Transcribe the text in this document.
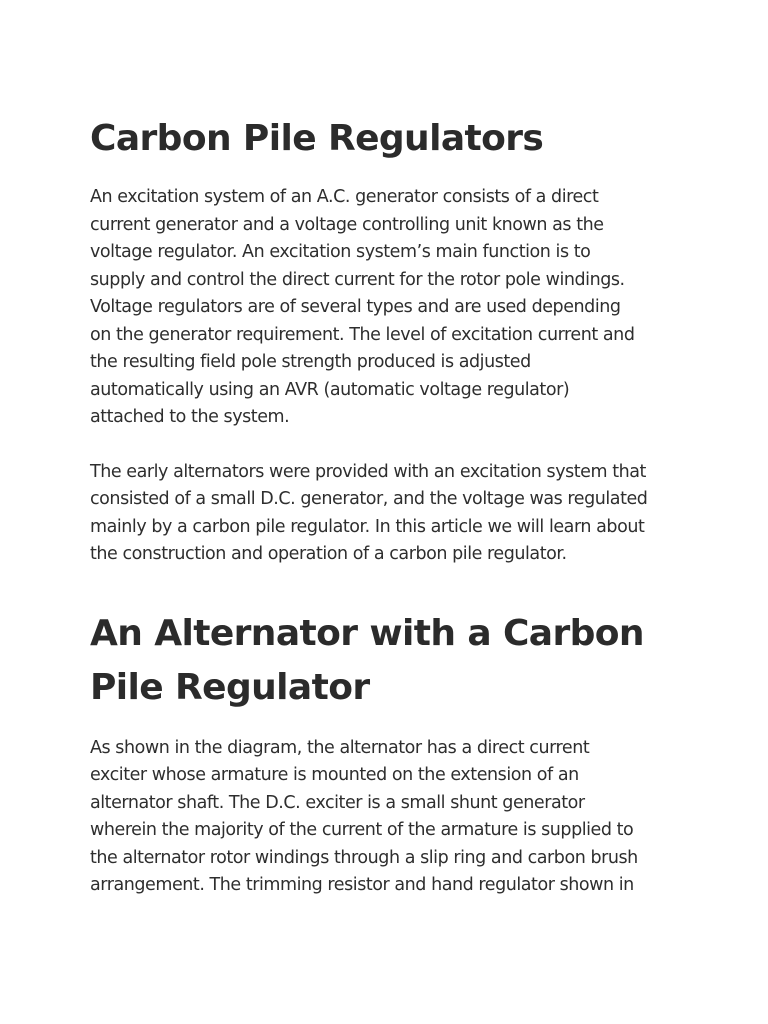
Carbon Pile Regulators

An excitation system of an A.C. generator consists of a direct
current generator and a voltage controlling unit known as the
voltage regulator. An excitation system’s main function is to
supply and control the direct current for the rotor pole windings.
Voltage regulators are of several types and are used depending
on the generator requirement. The level of excitation current and
the resulting field pole strength produced is adjusted
automatically using an AVR (automatic voltage regulator)
attached to the system.

The early alternators were provided with an excitation system that
consisted of a small D.C. generator, and the voltage was regulated
mainly by a carbon pile regulator. In this article we will learn about
the construction and operation of a carbon pile regulator.

An Alternator with a Carbon
Pile Regulator

As shown in the diagram, the alternator has a direct current
exciter whose armature is mounted on the extension of an
alternator shaft. The D.C. exciter is a small shunt generator
wherein the majority of the current of the armature is supplied to
the alternator rotor windings through a slip ring and carbon brush
arrangement. The trimming resistor and hand regulator shown in
